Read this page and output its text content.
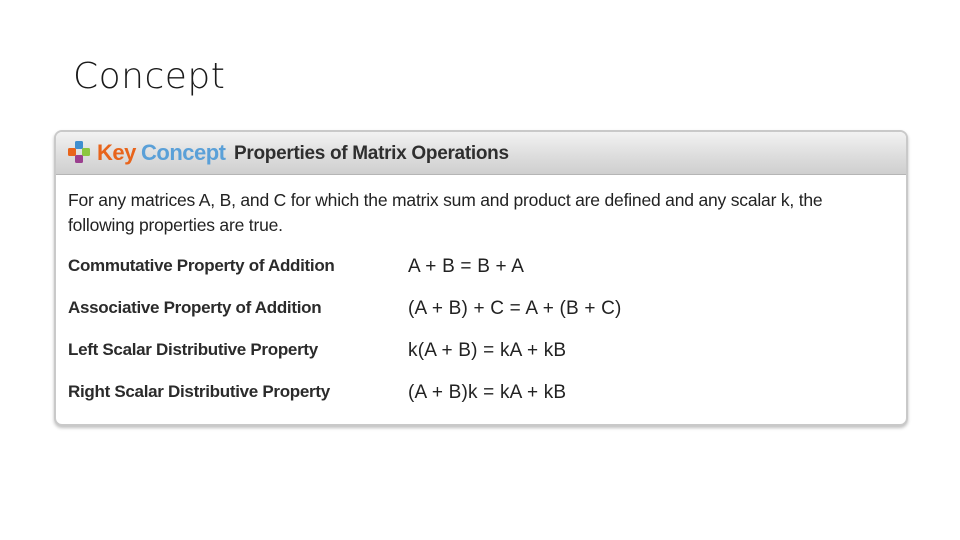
Concept
Key Concept Properties of Matrix Operations
For any matrices A, B, and C for which the matrix sum and product are defined and any scalar k, the following properties are true.
Commutative Property of Addition	A + B = B + A
Associative Property of Addition	(A + B) + C = A + (B + C)
Left Scalar Distributive Property	k(A + B) = kA + kB
Right Scalar Distributive Property	(A + B)k = kA + kB
